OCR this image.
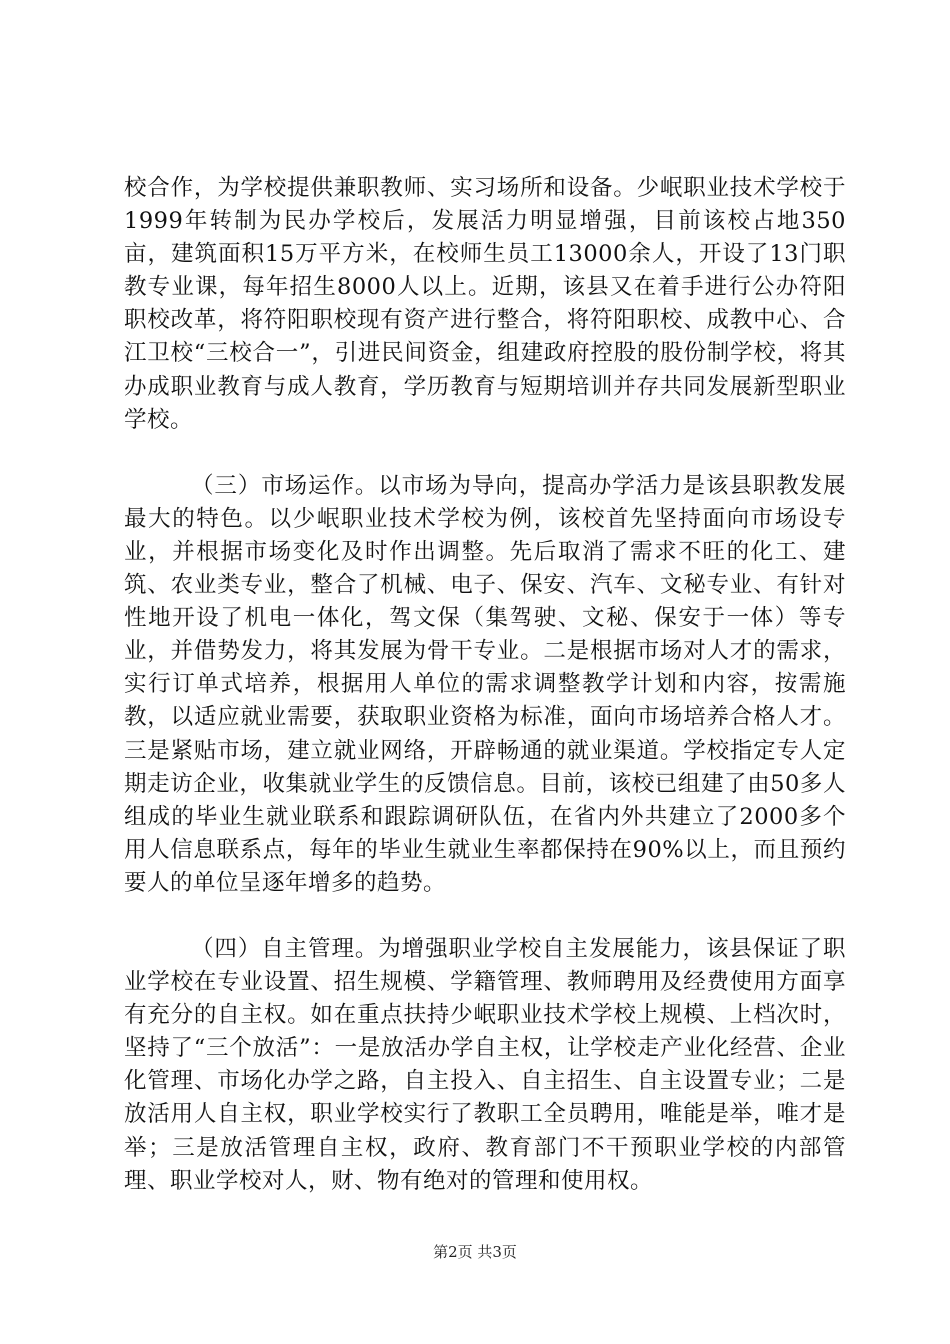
校合作，为学校提供兼职教师、实习场所和设备。少岷职业技术学校于1999年转制为民办学校后，发展活力明显增强，目前该校占地350亩，建筑面积15万平方米，在校师生员工13000余人，开设了13门职教专业课，每年招生8000人以上。近期，该县又在着手进行公办符阳职校改革，将符阳职校现有资产进行整合，将符阳职校、成教中心、合江卫校“三校合一”，引进民间资金，组建政府控股的股份制学校，将其办成职业教育与成人教育，学历教育与短期培训并存共同发展新型职业学校。

（三）市场运作。以市场为导向，提高办学活力是该县职教发展最大的特色。以少岷职业技术学校为例，该校首先坚持面向市场设专业，并根据市场变化及时作出调整。先后取消了需求不旺的化工、建筑、农业类专业，整合了机械、电子、保安、汽车、文秘专业、有针对性地开设了机电一体化，驾文保（集驾驶、文秘、保安于一体）等专业，并借势发力，将其发展为骨干专业。二是根据市场对人才的需求，实行订单式培养，根据用人单位的需求调整教学计划和内容，按需施教，以适应就业需要，获取职业资格为标准，面向市场培养合格人才。三是紧贴市场，建立就业网络，开辟畅通的就业渠道。学校指定专人定期走访企业，收集就业学生的反馈信息。目前，该校已组建了由50多人组成的毕业生就业联系和跟踪调研队伍，在省内外共建立了2000多个用人信息联系点，每年的毕业生就业生率都保持在90%以上，而且预约要人的单位呈逐年增多的趋势。

（四）自主管理。为增强职业学校自主发展能力，该县保证了职业学校在专业设置、招生规模、学籍管理、教师聘用及经费使用方面享有充分的自主权。如在重点扶持少岷职业技术学校上规模、上档次时，坚持了“三个放活”：一是放活办学自主权，让学校走产业化经营、企业化管理、市场化办学之路，自主投入、自主招生、自主设置专业；二是放活用人自主权，职业学校实行了教职工全员聘用，唯能是举，唯才是举；三是放活管理自主权，政府、教育部门不干预职业学校的内部管理、职业学校对人，财、物有绝对的管理和使用权。

第2页 共3页
